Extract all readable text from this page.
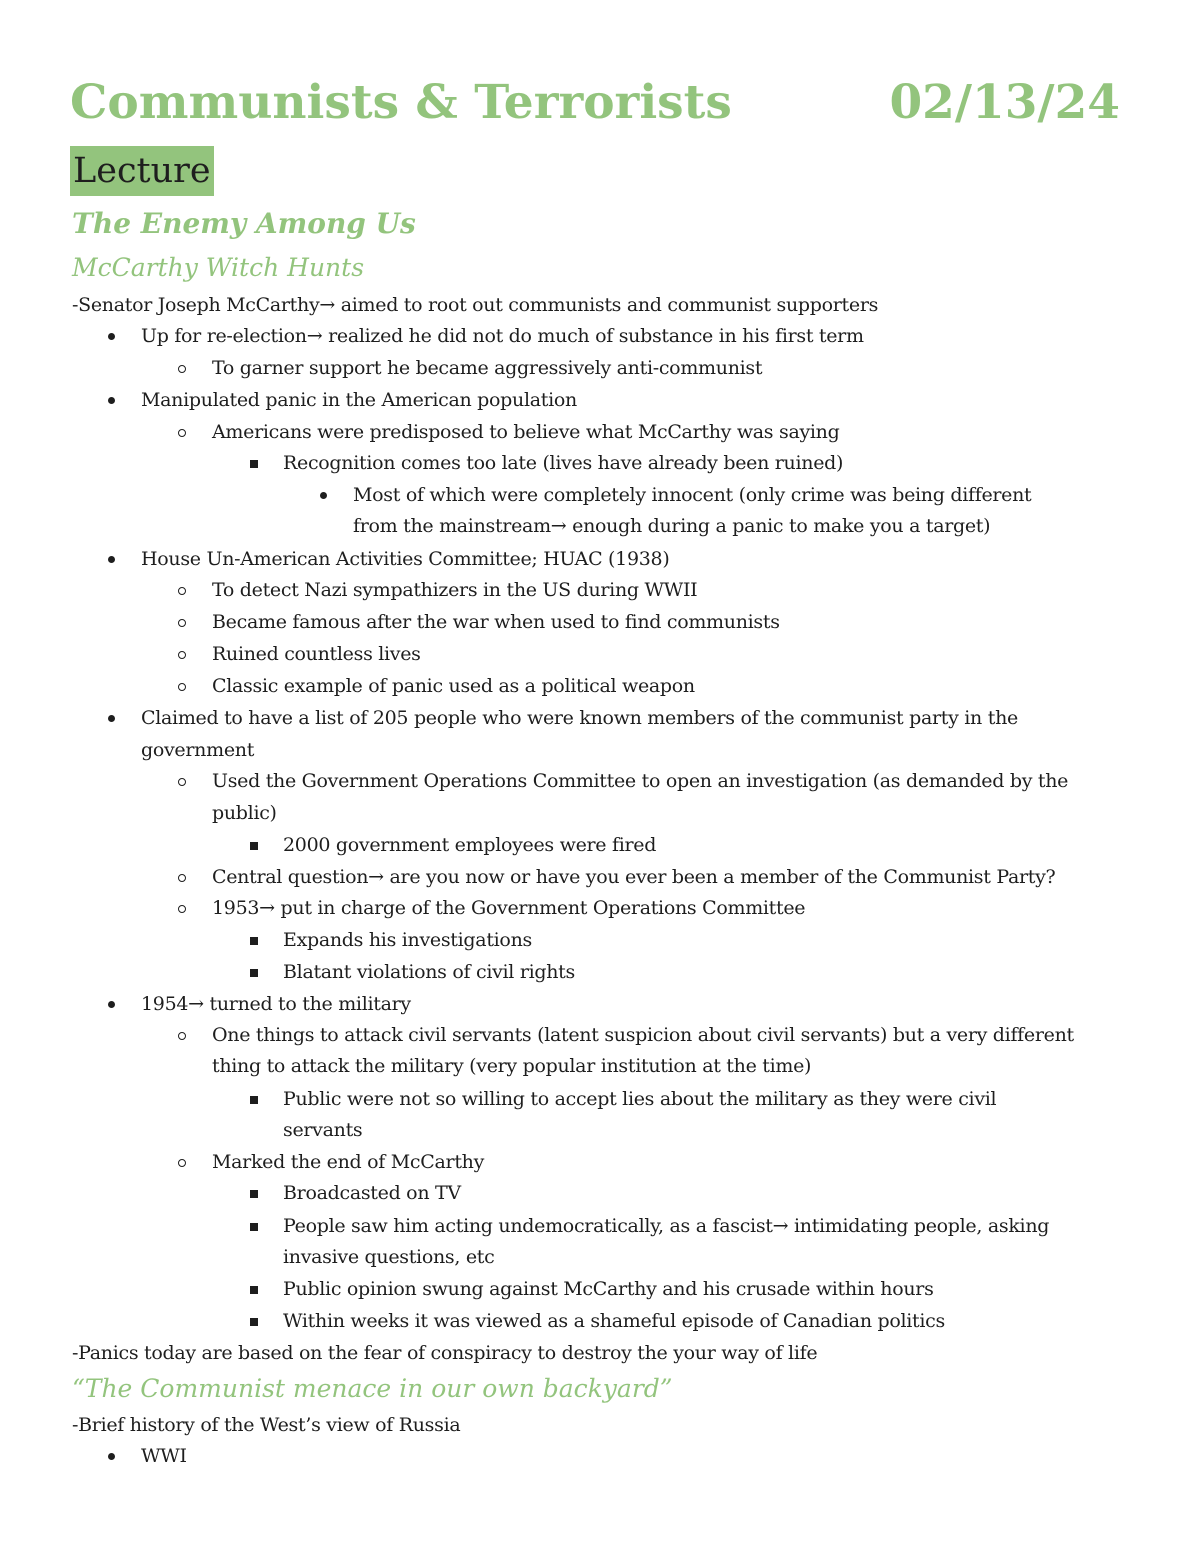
Communists & Terrorists	02/13/24
Lecture
The Enemy Among Us
McCarthy Witch Hunts
-Senator Joseph McCarthy→ aimed to root out communists and communist supporters
Up for re-election→ realized he did not do much of substance in his first term
To garner support he became aggressively anti-communist
Manipulated panic in the American population
Americans were predisposed to believe what McCarthy was saying
Recognition comes too late (lives have already been ruined)
Most of which were completely innocent (only crime was being different
from the mainstream→ enough during a panic to make you a target)
House Un-American Activities Committee; HUAC (1938)
To detect Nazi sympathizers in the US during WWII
Became famous after the war when used to find communists
Ruined countless lives
Classic example of panic used as a political weapon
Claimed to have a list of 205 people who were known members of the communist party in the
government
Used the Government Operations Committee to open an investigation (as demanded by the
public)
2000 government employees were fired
Central question→ are you now or have you ever been a member of the Communist Party?
1953→ put in charge of the Government Operations Committee
Expands his investigations
Blatant violations of civil rights
1954→ turned to the military
One things to attack civil servants (latent suspicion about civil servants) but a very different
thing to attack the military (very popular institution at the time)
Public were not so willing to accept lies about the military as they were civil
servants
Marked the end of McCarthy
Broadcasted on TV
People saw him acting undemocratically, as a fascist→ intimidating people, asking
invasive questions, etc
Public opinion swung against McCarthy and his crusade within hours
Within weeks it was viewed as a shameful episode of Canadian politics
-Panics today are based on the fear of conspiracy to destroy the your way of life
“The Communist menace in our own backyard”
-Brief history of the West’s view of Russia
WWI
